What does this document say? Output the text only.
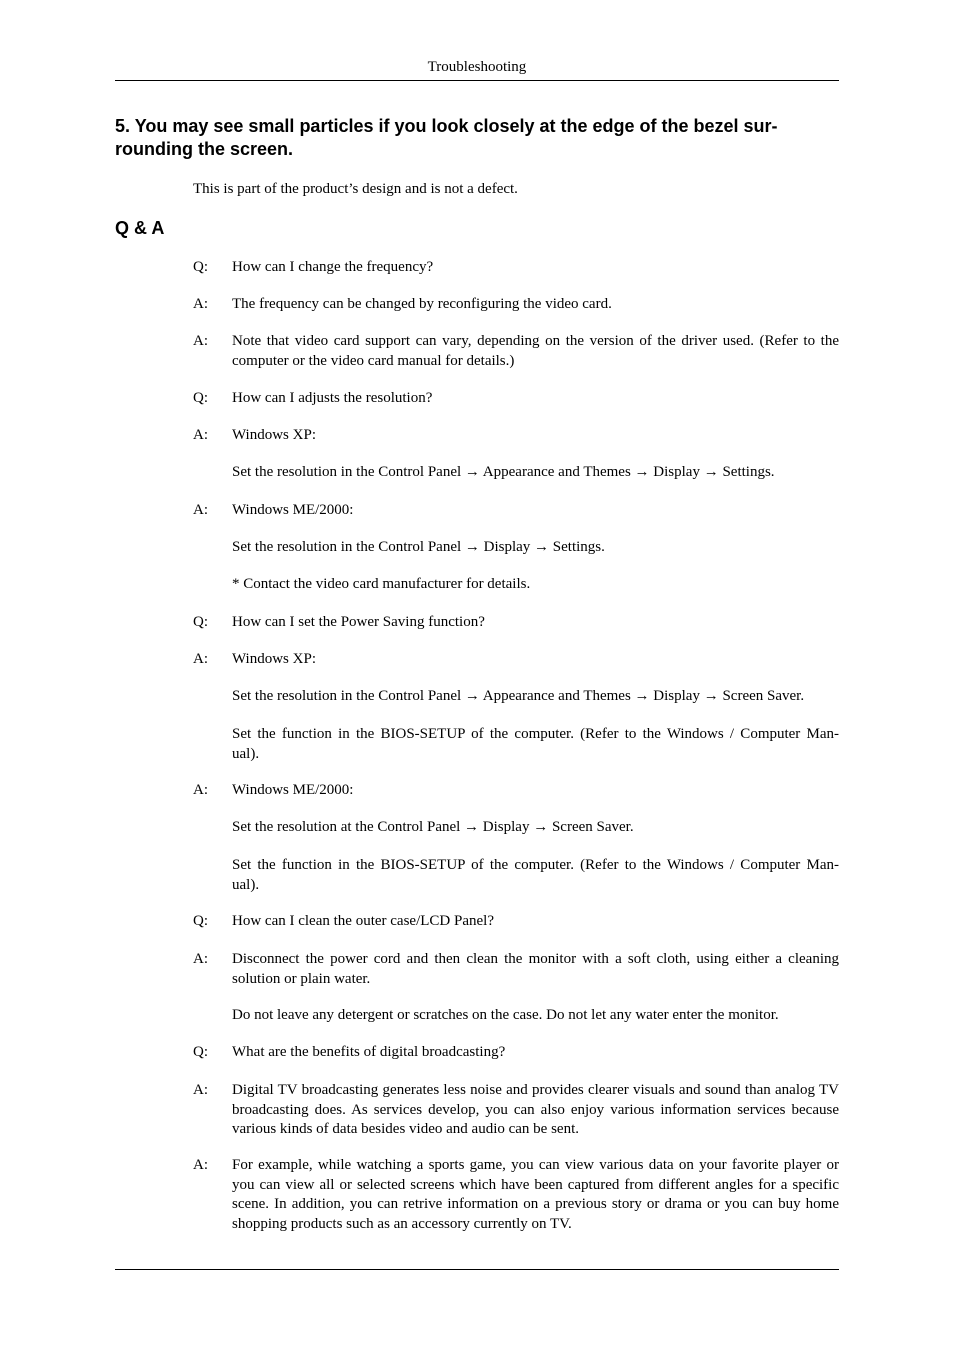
Troubleshooting
5. You may see small particles if you look closely at the edge of the bezel sur-
rounding the screen.
This is part of the product’s design and is not a defect.
Q & A
Q:	How can I change the frequency?
A:	The frequency can be changed by reconfiguring the video card.
A:	Note that video card support can vary, depending on the version of the driver used. (Refer to the computer or the video card manual for details.)
Q:	How can I adjusts the resolution?
A:	Windows XP:
Set the resolution in the Control Panel → Appearance and Themes → Display → Settings.
A:	Windows ME/2000:
Set the resolution in the Control Panel → Display → Settings.
* Contact the video card manufacturer for details.
Q:	How can I set the Power Saving function?
A:	Windows XP:
Set the resolution in the Control Panel → Appearance and Themes → Display → Screen Saver.
Set the function in the BIOS-SETUP of the computer. (Refer to the Windows / Computer Man-
ual).
A:	Windows ME/2000:
Set the resolution at the Control Panel → Display → Screen Saver.
Set the function in the BIOS-SETUP of the computer. (Refer to the Windows / Computer Man-
ual).
Q:	How can I clean the outer case/LCD Panel?
A:	Disconnect the power cord and then clean the monitor with a soft cloth, using either a cleaning solution or plain water.
Do not leave any detergent or scratches on the case. Do not let any water enter the monitor.
Q:	What are the benefits of digital broadcasting?
A:	Digital TV broadcasting generates less noise and provides clearer visuals and sound than analog TV broadcasting does. As services develop, you can also enjoy various information services because various kinds of data besides video and audio can be sent.
A:	For example, while watching a sports game, you can view various data on your favorite player or you can view all or selected screens which have been captured from different angles for a specific scene. In addition, you can retrive information on a previous story or drama or you can buy home shopping products such as an accessory currently on TV.
